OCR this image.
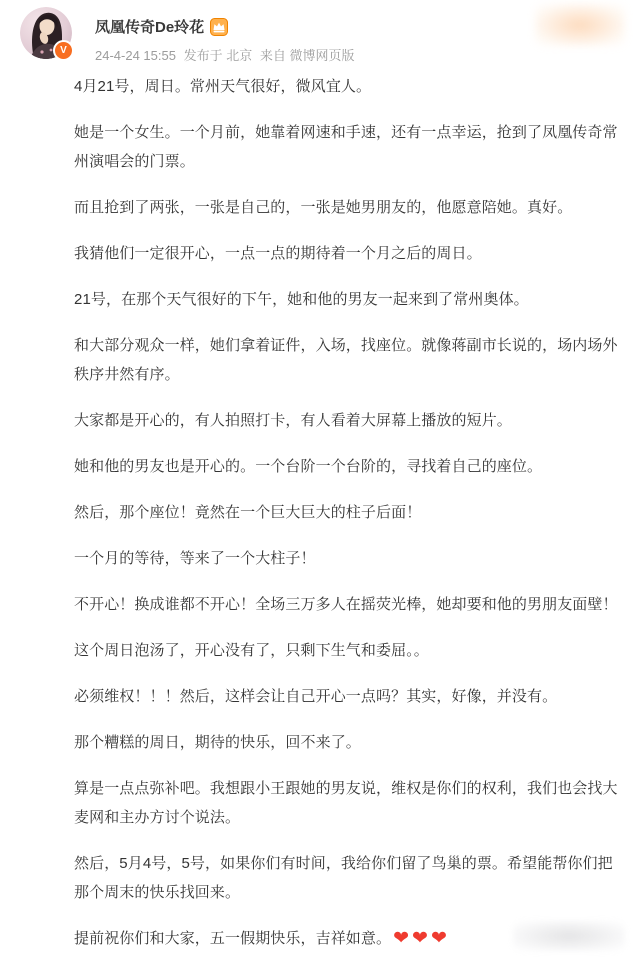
V
凤凰传奇De玲花
24-4-24 15:55 发布于 北京 来自 微博网页版

4月21号，周日。常州天气很好，微风宜人。

她是一个女生。一个月前，她靠着网速和手速，还有一点幸运，抢到了凤凰传奇常州演唱会的门票。

而且抢到了两张，一张是自己的，一张是她男朋友的，他愿意陪她。真好。

我猜他们一定很开心，一点一点的期待着一个月之后的周日。

21号，在那个天气很好的下午，她和他的男友一起来到了常州奥体。

和大部分观众一样，她们拿着证件，入场，找座位。就像蒋副市长说的，场内场外秩序井然有序。

大家都是开心的，有人拍照打卡，有人看着大屏幕上播放的短片。

她和他的男友也是开心的。一个台阶一个台阶的，寻找着自己的座位。

然后，那个座位！竟然在一个巨大巨大的柱子后面！

一个月的等待，等来了一个大柱子！

不开心！换成谁都不开心！全场三万多人在摇荧光棒，她却要和他的男朋友面壁！

这个周日泡汤了，开心没有了，只剩下生气和委屈。。

必须维权！！！然后，这样会让自己开心一点吗？其实，好像，并没有。

那个糟糕的周日，期待的快乐，回不来了。

算是一点点弥补吧。我想跟小王跟她的男友说，维权是你们的权利，我们也会找大麦网和主办方讨个说法。

然后，5月4号，5号，如果你们有时间，我给你们留了鸟巢的票。希望能帮你们把那个周末的快乐找回来。

提前祝你们和大家，五一假期快乐，吉祥如意。 ❤❤❤
